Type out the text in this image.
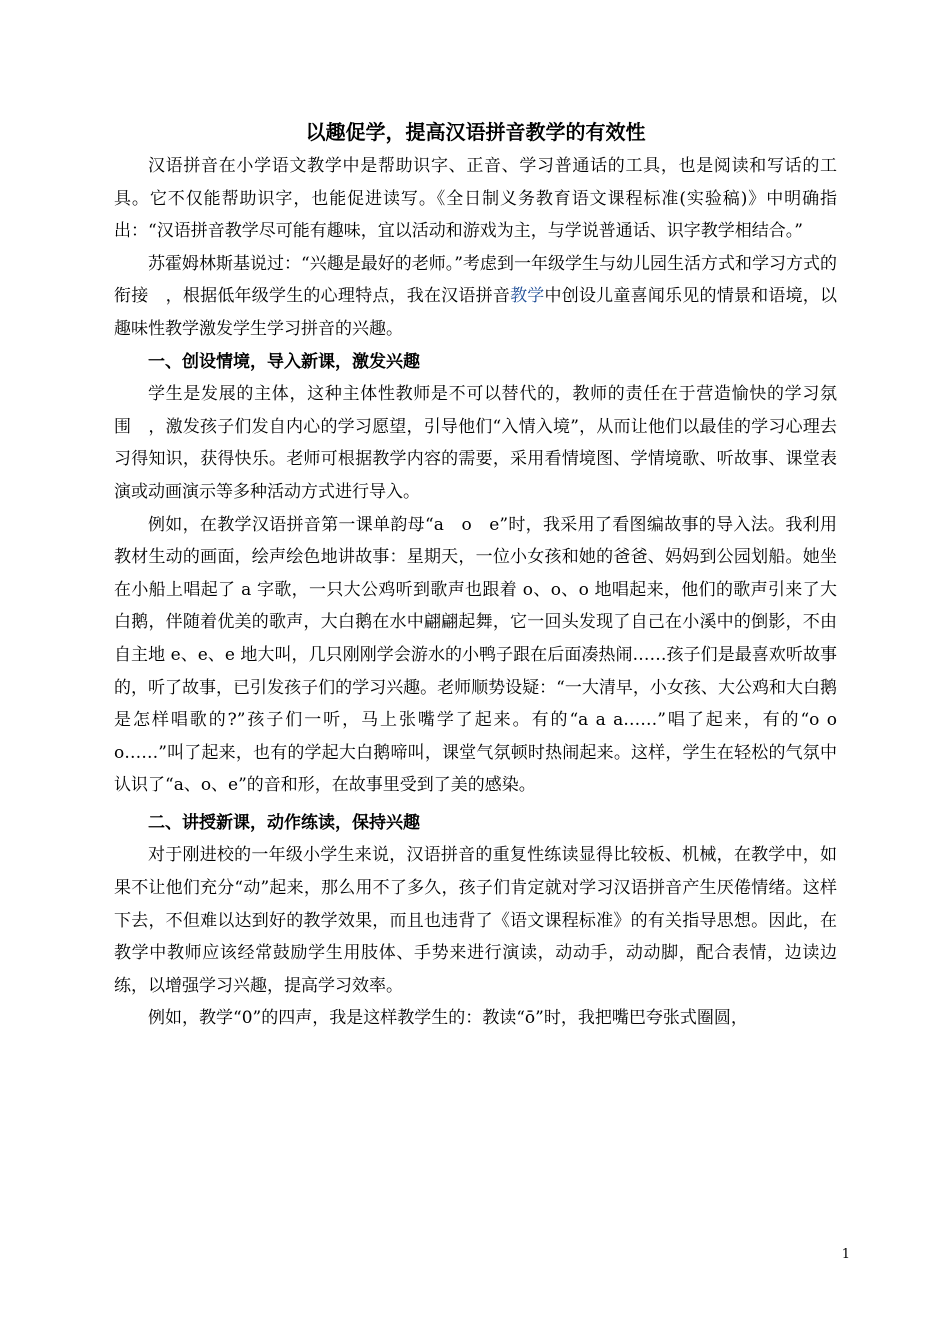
以趣促学，提高汉语拼音教学的有效性

汉语拼音在小学语文教学中是帮助识字、正音、学习普通话的工具，也是阅读和写话的工具。它不仅能帮助识字，也能促进读写。《全日制义务教育语文课程标准(实验稿)》中明确指出：“汉语拼音教学尽可能有趣味，宜以活动和游戏为主，与学说普通话、识字教学相结合。”

苏霍姆林斯基说过：“兴趣是最好的老师。”考虑到一年级学生与幼儿园生活方式和学习方式的衔接　，根据低年级学生的心理特点，我在汉语拼音教学中创设儿童喜闻乐见的情景和语境，以趣味性教学激发学生学习拼音的兴趣。

一、创设情境，导入新课，激发兴趣

学生是发展的主体，这种主体性教师是不可以替代的，教师的责任在于营造愉快的学习氛围　，激发孩子们发自内心的学习愿望，引导他们“入情入境”，从而让他们以最佳的学习心理去习得知识，获得快乐。老师可根据教学内容的需要，采用看情境图、学情境歌、听故事、课堂表演或动画演示等多种活动方式进行导入。

例如，在教学汉语拼音第一课单韵母“a　o　e”时，我采用了看图编故事的导入法。我利用教材生动的画面，绘声绘色地讲故事：星期天，一位小女孩和她的爸爸、妈妈到公园划船。她坐在小船上唱起了 a 字歌，一只大公鸡听到歌声也跟着 o、o、o 地唱起来，他们的歌声引来了大白鹅，伴随着优美的歌声，大白鹅在水中翩翩起舞，它一回头发现了自己在小溪中的倒影，不由自主地 e、e、e 地大叫，几只刚刚学会游水的小鸭子跟在后面凑热闹……孩子们是最喜欢听故事的，听了故事，已引发孩子们的学习兴趣。老师顺势设疑：“一大清早，小女孩、大公鸡和大白鹅是怎样唱歌的?”孩子们一听，马上张嘴学了起来。有的“a a a……”唱了起来，有的“o o o……”叫了起来，也有的学起大白鹅啼叫，课堂气氛顿时热闹起来。这样，学生在轻松的气氛中认识了“a、o、e”的音和形，在故事里受到了美的感染。

二、讲授新课，动作练读，保持兴趣

对于刚进校的一年级小学生来说，汉语拼音的重复性练读显得比较板、机械，在教学中，如果不让他们充分“动”起来，那么用不了多久，孩子们肯定就对学习汉语拼音产生厌倦情绪。这样下去，不但难以达到好的教学效果，而且也违背了《语文课程标准》的有关指导思想。因此，在教学中教师应该经常鼓励学生用肢体、手势来进行演读，动动手，动动脚，配合表情，边读边练，以增强学习兴趣，提高学习效率。

例如，教学“0”的四声，我是这样教学生的：教读“ō”时，我把嘴巴夸张式圈圆，

1
